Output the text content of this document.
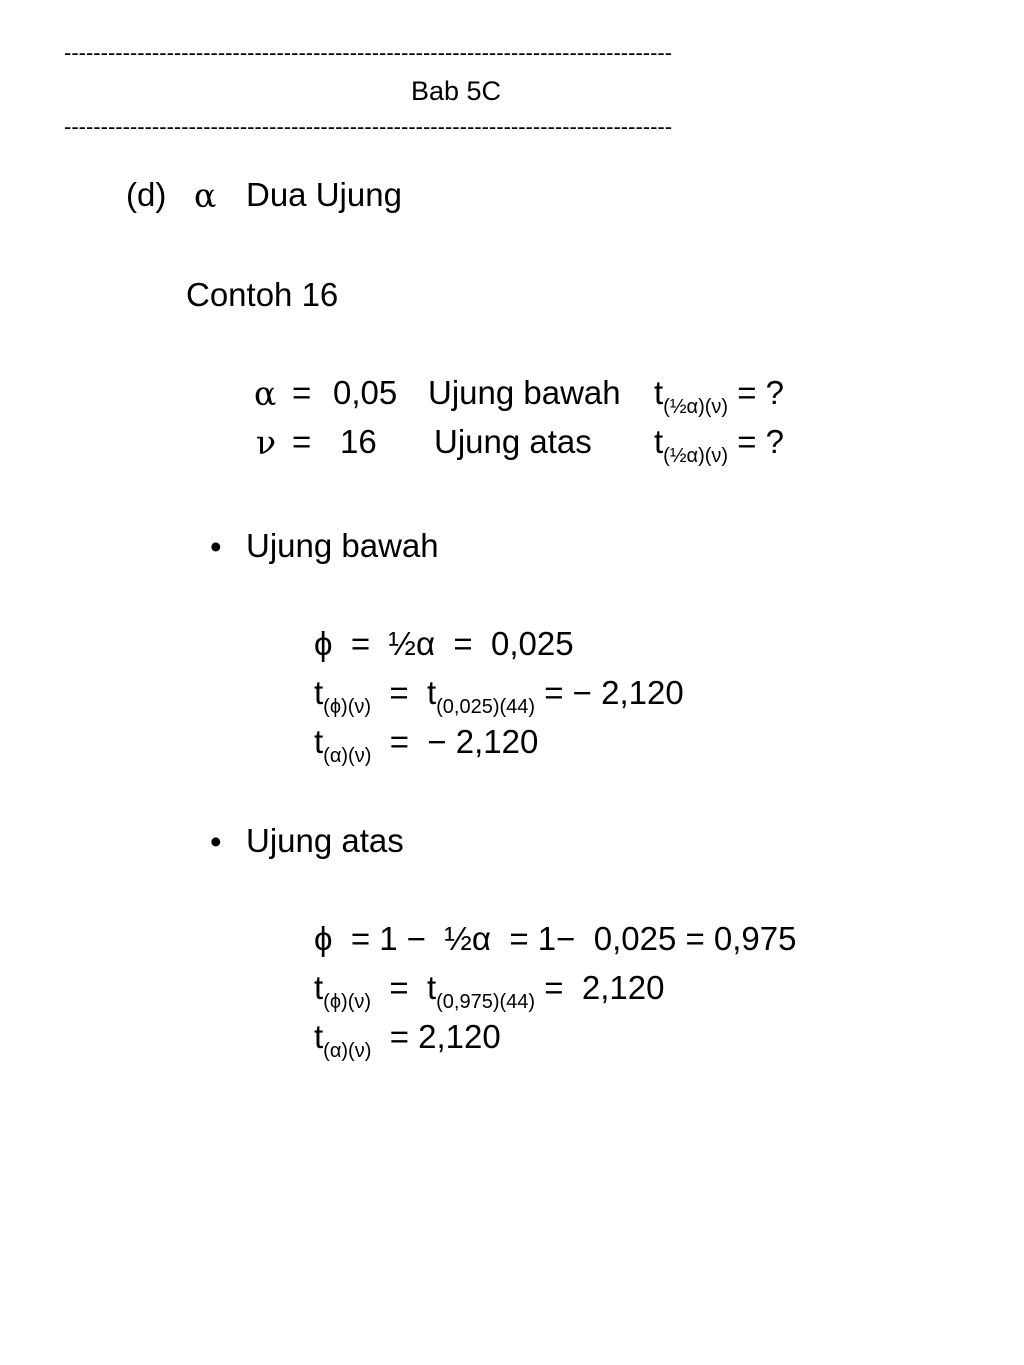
-----------------------------------------------------------------------------------
Bab 5C
-----------------------------------------------------------------------------------
(d) α Dua Ujung
Contoh 16
α = 0,05 Ujung bawah $t_{(\frac{1}{2}\alpha)(\nu)}$ = ?
ν = 16 Ujung atas $t_{(\frac{1}{2}\alpha)(\nu)}$ = ?
• Ujung bawah
ϕ  =  ½α  =  0,025
$t_{(\phi)(\nu)} = t_{(0,025)(44)}$ = − 2,120
$t_{(\alpha)(\nu)}$  =  − 2,120
• Ujung atas
ϕ  = 1 −  ½α  = 1−  0,025 = 0,975
$t_{(\phi)(\nu)} = t_{(0,975)(44)} = 2,120$
$t_{(\alpha)(\nu)} = 2,120$
